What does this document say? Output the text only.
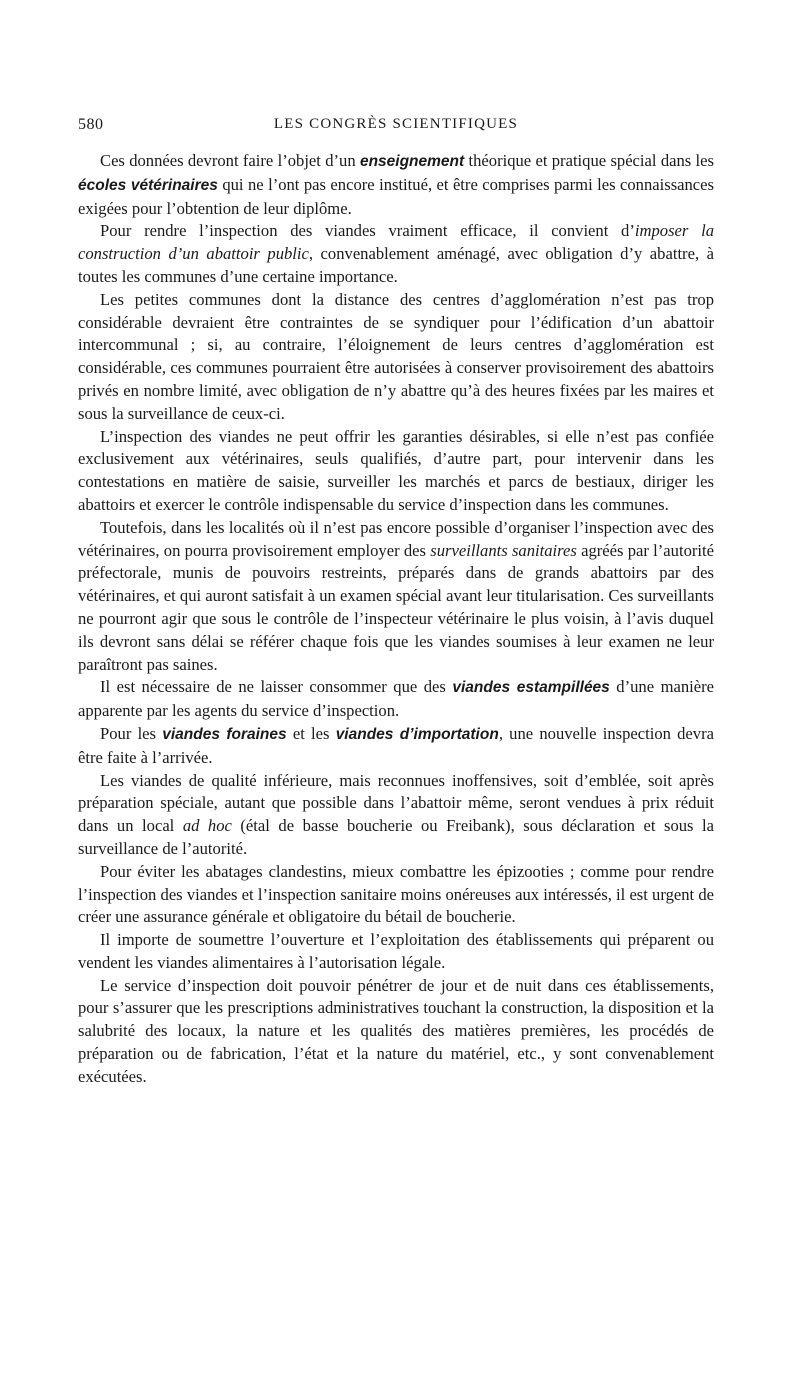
580	LES CONGRÈS SCIENTIFIQUES

Ces données devront faire l’objet d’un enseignement théorique et pratique spécial dans les écoles vétérinaires qui ne l’ont pas encore institué, et être comprises parmi les connaissances exigées pour l’obtention de leur diplôme.

Pour rendre l’inspection des viandes vraiment efficace, il convient d’imposer la construction d’un abattoir public, convenablement aménagé, avec obligation d’y abattre, à toutes les communes d’une certaine importance.

Les petites communes dont la distance des centres d’agglomération n’est pas trop considérable devraient être contraintes de se syndiquer pour l’édification d’un abattoir intercommunal ; si, au contraire, l’éloignement de leurs centres d’agglomération est considérable, ces communes pourraient être autorisées à conserver provisoirement des abattoirs privés en nombre limité, avec obligation de n’y abattre qu’à des heures fixées par les maires et sous la surveillance de ceux-ci.

L’inspection des viandes ne peut offrir les garanties désirables, si elle n’est pas confiée exclusivement aux vétérinaires, seuls qualifiés, d’autre part, pour intervenir dans les contestations en matière de saisie, surveiller les marchés et parcs de bestiaux, diriger les abattoirs et exercer le contrôle indispensable du service d’inspection dans les communes.

Toutefois, dans les localités où il n’est pas encore possible d’organiser l’inspection avec des vétérinaires, on pourra provisoirement employer des surveillants sanitaires agréés par l’autorité préfectorale, munis de pouvoirs restreints, préparés dans de grands abattoirs par des vétérinaires, et qui auront satisfait à un examen spécial avant leur titularisation. Ces surveillants ne pourront agir que sous le contrôle de l’inspecteur vétérinaire le plus voisin, à l’avis duquel ils devront sans délai se référer chaque fois que les viandes soumises à leur examen ne leur paraîtront pas saines.

Il est nécessaire de ne laisser consommer que des viandes estampillées d’une manière apparente par les agents du service d’inspection.

Pour les viandes foraines et les viandes d’importation, une nouvelle inspection devra être faite à l’arrivée.

Les viandes de qualité inférieure, mais reconnues inoffensives, soit d’emblée, soit après préparation spéciale, autant que possible dans l’abattoir même, seront vendues à prix réduit dans un local ad hoc (étal de basse boucherie ou Freibank), sous déclaration et sous la surveillance de l’autorité.

Pour éviter les abatages clandestins, mieux combattre les épizooties ; comme pour rendre l’inspection des viandes et l’inspection sanitaire moins onéreuses aux intéressés, il est urgent de créer une assurance générale et obligatoire du bétail de boucherie.

Il importe de soumettre l’ouverture et l’exploitation des établissements qui préparent ou vendent les viandes alimentaires à l’autorisation légale.

Le service d’inspection doit pouvoir pénétrer de jour et de nuit dans ces établissements, pour s’assurer que les prescriptions administratives touchant la construction, la disposition et la salubrité des locaux, la nature et les qualités des matières premières, les procédés de préparation ou de fabrication, l’état et la nature du matériel, etc., y sont convenablement exécutées.
